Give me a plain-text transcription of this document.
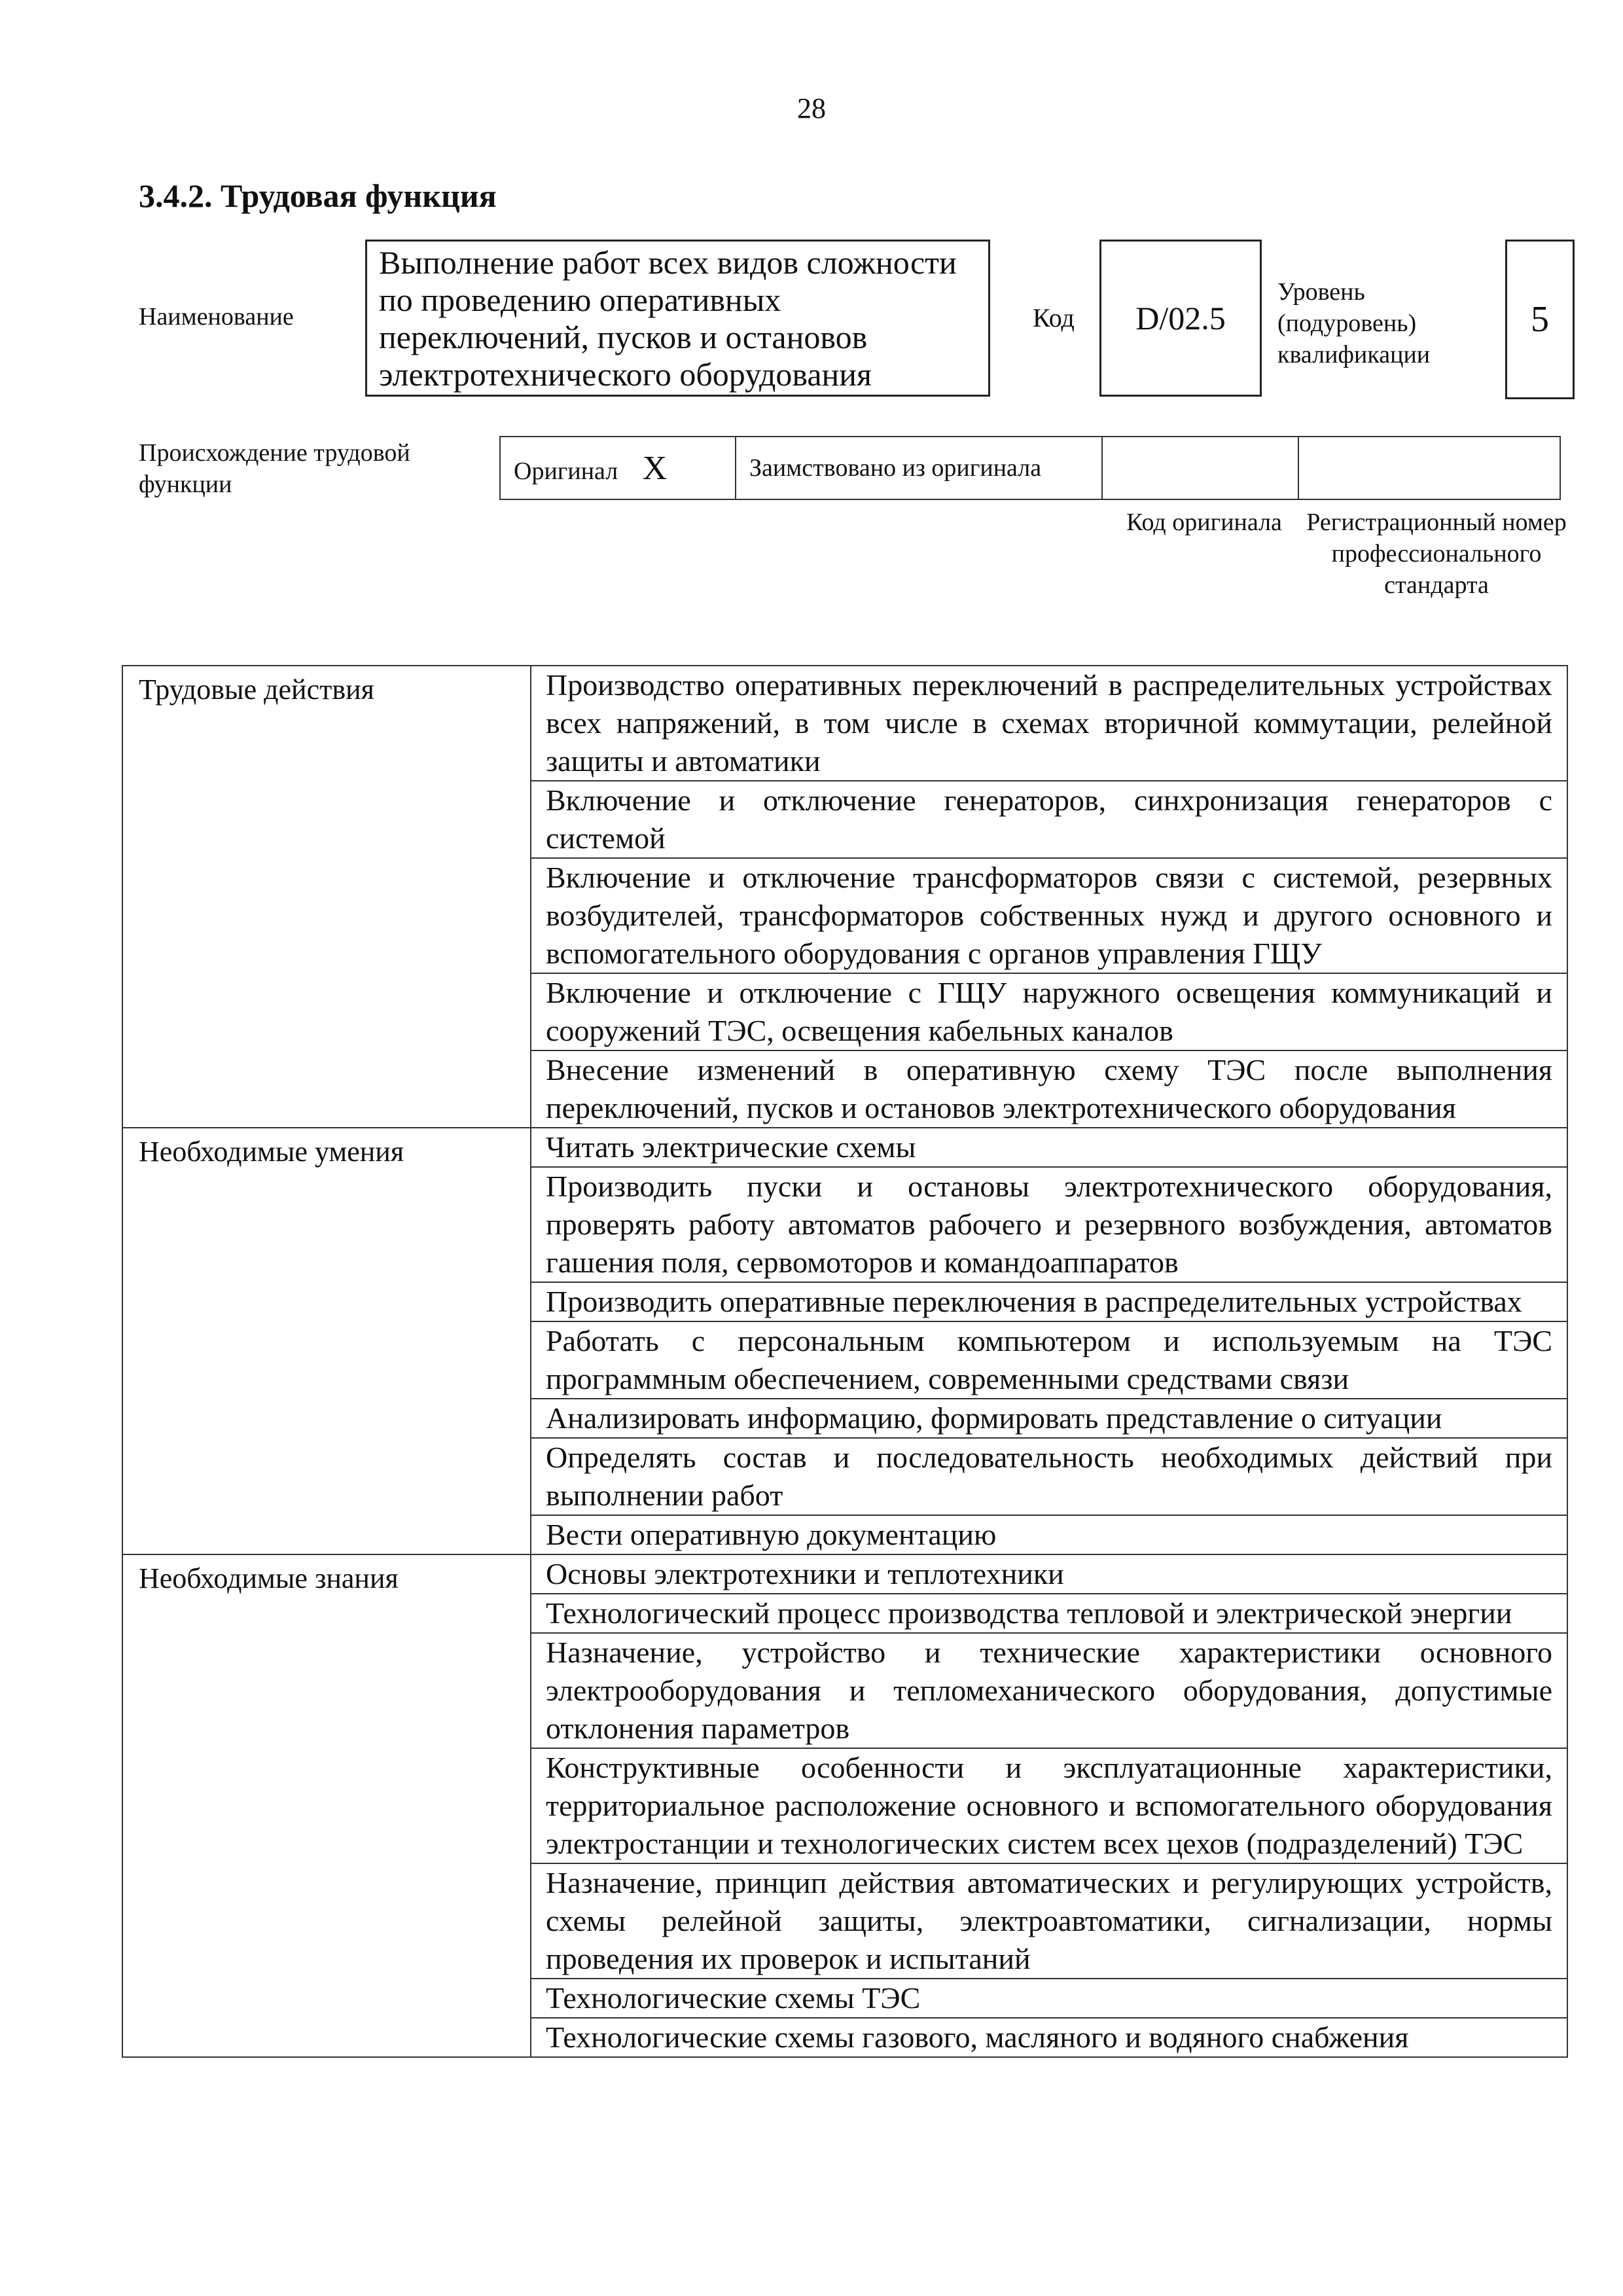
28
3.4.2. Трудовая функция
Наименование
Выполнение работ всех видов сложности по проведению оперативных переключений, пусков и остановов электротехнического оборудования
Код D/02.5
Уровень (подуровень) квалификации
5
Происхождение трудовой функции	Оригинал X	Заимствовано из оригинала		
Код оригинала Регистрационный номер профессионального стандарта
Трудовые действия	Производство оперативных переключений в распределительных устройствах всех напряжений, в том числе в схемах вторичной коммутации, релейной защиты и автоматики
	Включение и отключение генераторов, синхронизация генераторов с системой
	Включение и отключение трансформаторов связи с системой, резервных возбудителей, трансформаторов собственных нужд и другого основного и вспомогательного оборудования с органов управления ГЩУ
	Включение и отключение с ГЩУ наружного освещения коммуникаций и сооружений ТЭС, освещения кабельных каналов
	Внесение изменений в оперативную схему ТЭС после выполнения переключений, пусков и остановов электротехнического оборудования
Необходимые умения	Читать электрические схемы
	Производить пуски и остановы электротехнического оборудования, проверять работу автоматов рабочего и резервного возбуждения, автоматов гашения поля, сервомоторов и командоаппаратов
	Производить оперативные переключения в распределительных устройствах
	Работать с персональным компьютером и используемым на ТЭС программным обеспечением, современными средствами связи
	Анализировать информацию, формировать представление о ситуации
	Определять состав и последовательность необходимых действий при выполнении работ
	Вести оперативную документацию
Необходимые знания	Основы электротехники и теплотехники
	Технологический процесс производства тепловой и электрической энергии
	Назначение, устройство и технические характеристики основного электрооборудования и тепломеханического оборудования, допустимые отклонения параметров
	Конструктивные особенности и эксплуатационные характеристики, территориальное расположение основного и вспомогательного оборудования электростанции и технологических систем всех цехов (подразделений) ТЭС
	Назначение, принцип действия автоматических и регулирующих устройств, схемы релейной защиты, электроавтоматики, сигнализации, нормы проведения их проверок и испытаний
	Технологические схемы ТЭС
	Технологические схемы газового, масляного и водяного снабжения
